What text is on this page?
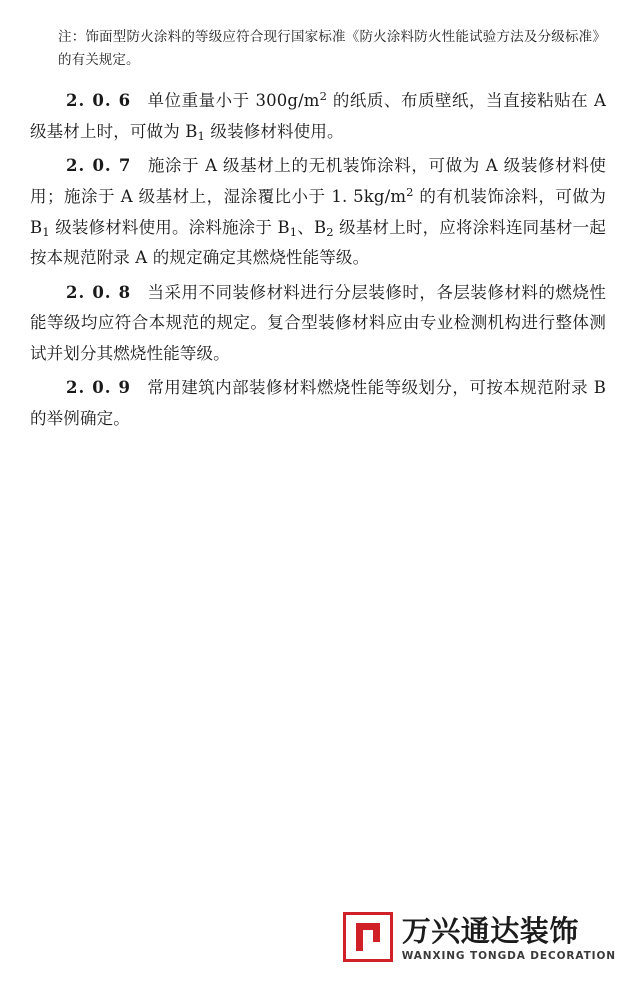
注：饰面型防火涂料的等级应符合现行国家标准《防火涂料防火性能试验方法及分级标准》的有关规定。

2. 0. 6 单位重量小于 $300g/m^2$ 的纸质、布质壁纸，当直接粘贴在 A 级基材上时，可做为 $B_1$ 级装修材料使用。

2. 0. 7 施涂于 A 级基材上的无机装饰涂料，可做为 A 级装修材料使用；施涂于 A 级基材上，湿涂覆比小于 1. $5kg/m^2$ 的有机装饰涂料，可做为 $B_1$ 级装修材料使用。涂料施涂于 $B_1$、$B_2$ 级基材上时，应将涂料连同基材一起按本规范附录 A 的规定确定其燃烧性能等级。

2. 0. 8 当采用不同装修材料进行分层装修时，各层装修材料的燃烧性能等级均应符合本规范的规定。复合型装修材料应由专业检测机构进行整体测试并划分其燃烧性能等级。

2. 0. 9 常用建筑内部装修材料燃烧性能等级划分，可按本规范附录 B 的举例确定。

万兴通达装饰
WANXING TONGDA DECORATION
